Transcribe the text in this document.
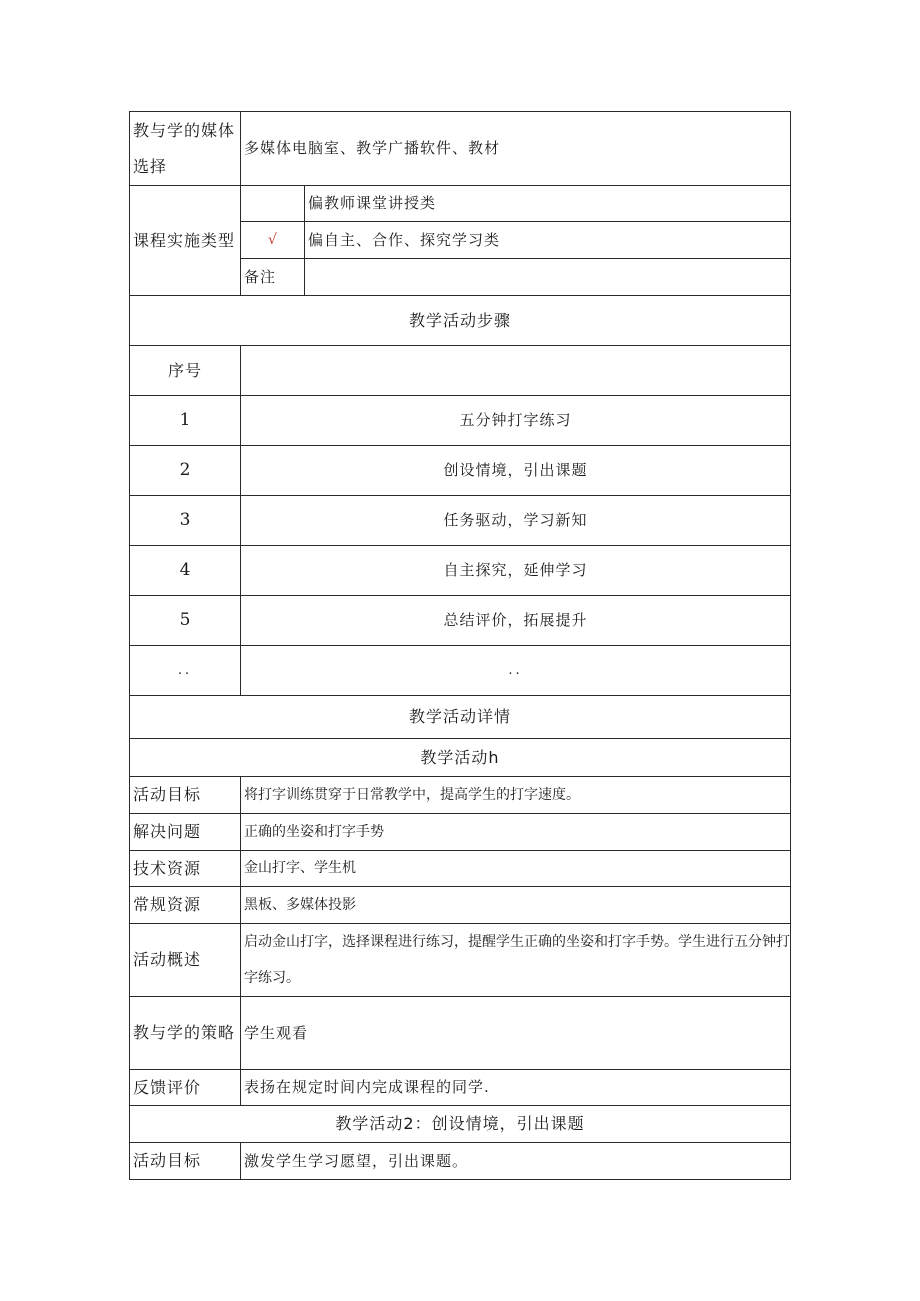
教与学的媒体选择	多媒体电脑室、教学广播软件、教材	
课程实施类型		偏教师课堂讲授类
	√	偏自主、合作、探究学习类
	备注	
教学活动步骤		
序号		
1	五分钟打字练习	
2	创设情境，引出课题	
3	任务驱动，学习新知	
4	自主探究，延伸学习	
5	总结评价，拓展提升	
..	..	
教学活动详情		
教学活动h		
活动目标	将打字训练贯穿于日常教学中，提高学生的打字速度。	
解决问题	正确的坐姿和打字手势	
技术资源	金山打字、学生机	
常规资源	黑板、多媒体投影	
活动概述	启动金山打字，选择课程进行练习，提醒学生正确的坐姿和打字手势。学生进行五分钟打字练习。	
教与学的策略	学生观看	
反馈评价	表扬在规定时间内完成课程的同学.	
教学活动2：创设情境，引出课题		
活动目标	激发学生学习愿望，引出课题。	
